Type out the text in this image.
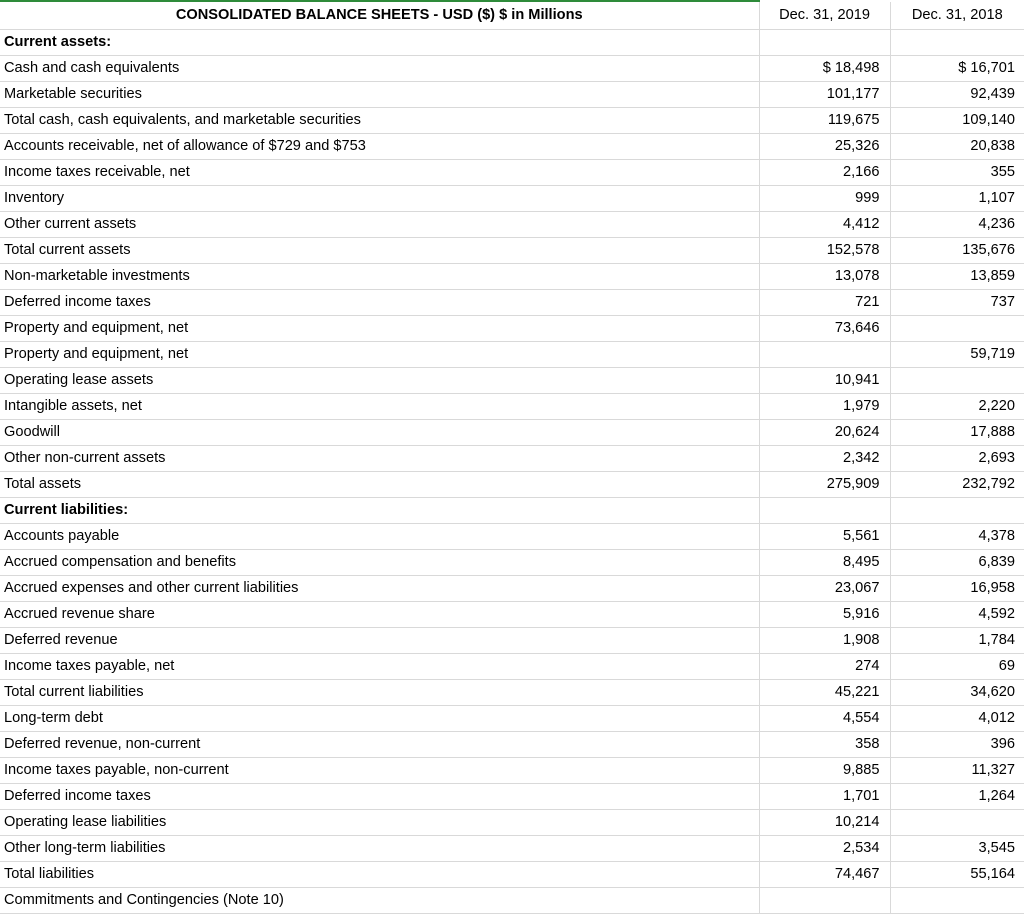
CONSOLIDATED BALANCE SHEETS - USD ($) $ in Millions	Dec. 31, 2019	Dec. 31, 2018
Current assets:		
Cash and cash equivalents	$ 18,498	$ 16,701
Marketable securities	101,177	92,439
Total cash, cash equivalents, and marketable securities	119,675	109,140
Accounts receivable, net of allowance of $729 and $753	25,326	20,838
Income taxes receivable, net	2,166	355
Inventory	999	1,107
Other current assets	4,412	4,236
Total current assets	152,578	135,676
Non-marketable investments	13,078	13,859
Deferred income taxes	721	737
Property and equipment, net	73,646	
Property and equipment, net		59,719
Operating lease assets	10,941	
Intangible assets, net	1,979	2,220
Goodwill	20,624	17,888
Other non-current assets	2,342	2,693
Total assets	275,909	232,792
Current liabilities:		
Accounts payable	5,561	4,378
Accrued compensation and benefits	8,495	6,839
Accrued expenses and other current liabilities	23,067	16,958
Accrued revenue share	5,916	4,592
Deferred revenue	1,908	1,784
Income taxes payable, net	274	69
Total current liabilities	45,221	34,620
Long-term debt	4,554	4,012
Deferred revenue, non-current	358	396
Income taxes payable, non-current	9,885	11,327
Deferred income taxes	1,701	1,264
Operating lease liabilities	10,214	
Other long-term liabilities	2,534	3,545
Total liabilities	74,467	55,164
Commitments and Contingencies (Note 10)		
